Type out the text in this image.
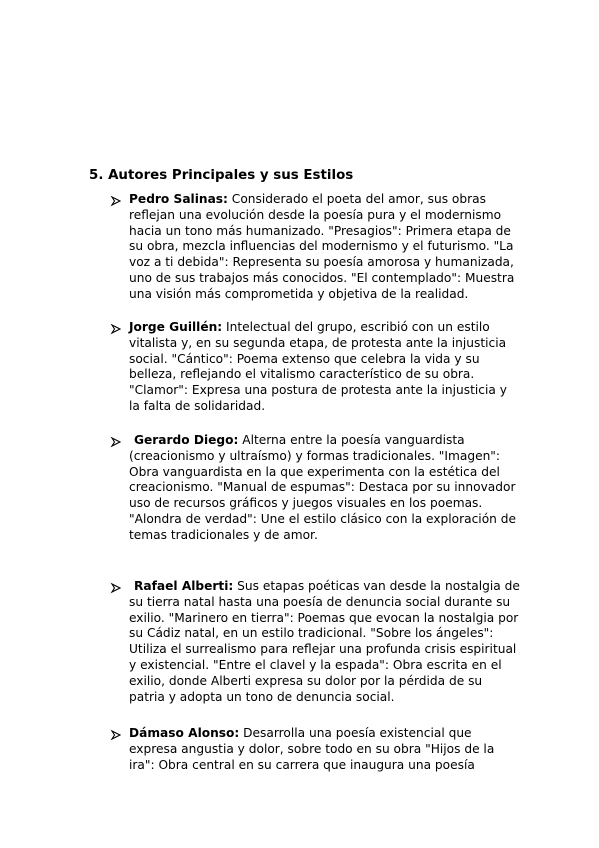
5. Autores Principales y sus Estilos

Pedro Salinas: Considerado el poeta del amor, sus obras reflejan una evolución desde la poesía pura y el modernismo hacia un tono más humanizado. "Presagios": Primera etapa de su obra, mezcla influencias del modernismo y el futurismo. "La voz a ti debida": Representa su poesía amorosa y humanizada, uno de sus trabajos más conocidos. "El contemplado": Muestra una visión más comprometida y objetiva de la realidad.

Jorge Guillén: Intelectual del grupo, escribió con un estilo vitalista y, en su segunda etapa, de protesta ante la injusticia social. "Cántico": Poema extenso que celebra la vida y su belleza, reflejando el vitalismo característico de su obra. "Clamor": Expresa una postura de protesta ante la injusticia y la falta de solidaridad.

Gerardo Diego: Alterna entre la poesía vanguardista (creacionismo y ultraísmo) y formas tradicionales. "Imagen": Obra vanguardista en la que experimenta con la estética del creacionismo. "Manual de espumas": Destaca por su innovador uso de recursos gráficos y juegos visuales en los poemas. "Alondra de verdad": Une el estilo clásico con la exploración de temas tradicionales y de amor.

Rafael Alberti: Sus etapas poéticas van desde la nostalgia de su tierra natal hasta una poesía de denuncia social durante su exilio. "Marinero en tierra": Poemas que evocan la nostalgia por su Cádiz natal, en un estilo tradicional. "Sobre los ángeles": Utiliza el surrealismo para reflejar una profunda crisis espiritual y existencial. "Entre el clavel y la espada": Obra escrita en el exilio, donde Alberti expresa su dolor por la pérdida de su patria y adopta un tono de denuncia social.

Dámaso Alonso: Desarrolla una poesía existencial que expresa angustia y dolor, sobre todo en su obra "Hijos de la ira": Obra central en su carrera que inaugura una poesía
